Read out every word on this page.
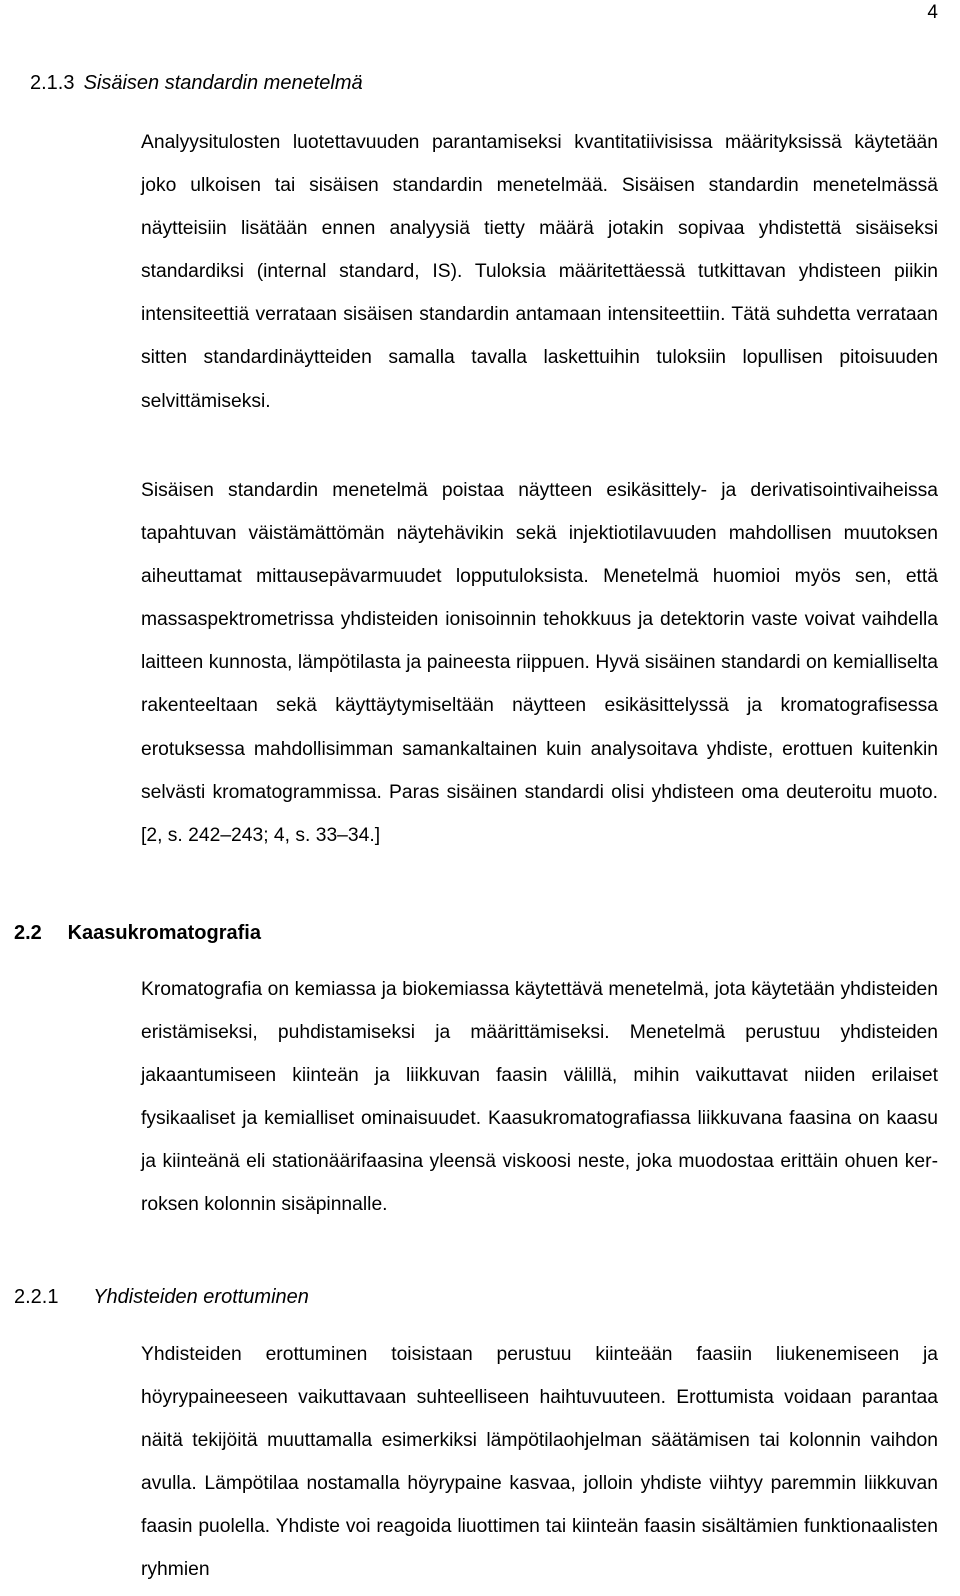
4
2.1.3 Sisäisen standardin menetelmä
Analyysitulosten luotettavuuden parantamiseksi kvantitatiivisissa määrityksissä käytetään joko ulkoisen tai sisäisen standardin menetelmää. Sisäisen standardin menetelmässä näytteisiin lisätään ennen analyysiä tietty määrä jotakin sopivaa yhdistettä sisäiseksi standardiksi (internal standard, IS). Tuloksia määritettäessä tutkittavan yhdisteen piikin intensiteettiä verrataan sisäisen standardin antamaan intensiteettiin. Tätä suhdetta verrataan sitten standardinäytteiden samalla tavalla laskettuihin tuloksiin lopullisen pitoisuuden selvittämiseksi.
Sisäisen standardin menetelmä poistaa näytteen esikäsittely- ja derivatisointivaiheissa tapahtuvan väistämättömän näytehävikin sekä injektiotilavuuden mahdollisen muutoksen aiheuttamat mittausepävarmuudet lopputuloksista. Menetelmä huomioi myös sen, että massaspektrometrissa yhdisteiden ionisoinnin tehokkuus ja detektorin vaste voivat vaihdella laitteen kunnosta, lämpötilasta ja paineesta riippuen. Hyvä sisäinen standardi on kemialliselta rakenteeltaan sekä käyttäytymiseltään näytteen esikäsittelyssä ja kromatografisessa erotuksessa mahdollisimman samankaltainen kuin analysoitava yhdiste, erottuen kuitenkin selvästi kromatogrammissa. Paras sisäinen standardi olisi yhdisteen oma deuteroitu muoto. [2, s. 242–243; 4, s. 33–34.]
2.2 Kaasukromatografia
Kromatografia on kemiassa ja biokemiassa käytettävä menetelmä, jota käytetään yhdisteiden eristämiseksi, puhdistamiseksi ja määrittämiseksi. Menetelmä perustuu yhdisteiden jakaantumiseen kiinteän ja liikkuvan faasin välillä, mihin vaikuttavat niiden erilaiset fysikaaliset ja kemialliset ominaisuudet. Kaasukromatografiassa liikkuvana faasina on kaasu ja kiinteänä eli stationäärifaasina yleensä viskoosi neste, joka muodostaa erittäin ohuen kerroksen kolonnin sisäpinnalle.
2.2.1 Yhdisteiden erottuminen
Yhdisteiden erottuminen toisistaan perustuu kiinteään faasiin liukenemiseen ja höyrypaineeseen vaikuttavaan suhteelliseen haihtuvuuteen. Erottumista voidaan parantaa näitä tekijöitä muuttamalla esimerkiksi lämpötilaohjelman säätämisen tai kolonnin vaihdon avulla. Lämpötilaa nostamalla höyrypaine kasvaa, jolloin yhdiste viihtyy paremmin liikkuvan faasin puolella. Yhdiste voi reagoida liuottimen tai kiinteän faasin sisältämien funktionaalisten ryhmien
